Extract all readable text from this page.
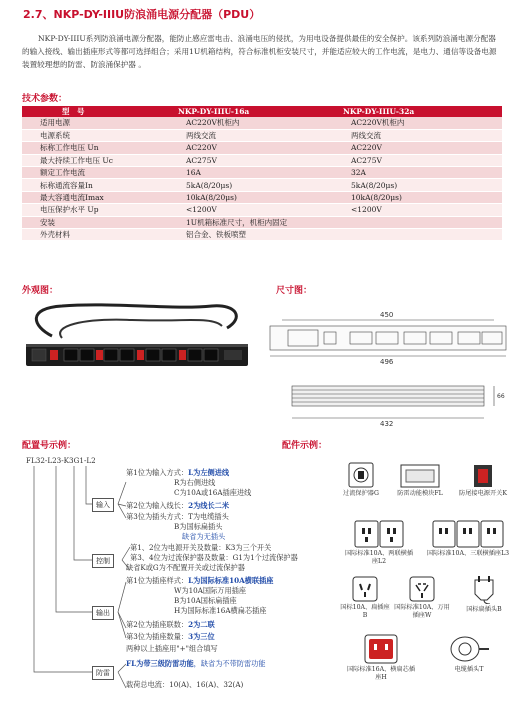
2.7、NKP-DY-IIIU防浪涌电源分配器（PDU）
NKP-DY-IIIU系列防浪涌电源分配器，能防止感应雷电击、浪涌电压的侵扰，为用电设备提供最佳的安全保护。该系列防浪涌电源分配器的输入接线、输出插座形式等都可选择组合；采用1U机箱结构，符合标准机柜安装尺寸，并能适应较大的工作电流，是电力、通信等设备电源装置较理想的防雷、防浪涌保护器 。
技术参数：
型　号	NKP-DY-IIIU-16a	NKP-DY-IIIU-32a
适用电源	AC220V机柜内	AC220V机柜内
电源系统	两线交流	两线交流
标称工作电压 Un	AC220V	AC220V
最大持续工作电压 Uc	AC275V	AC275V
额定工作电流	16A	32A
标称通流容量In	5kA(8/20μs)	5kA(8/20μs)
最大容通电流Imax	10kA(8/20μs)	10kA(8/20μs)
电压保护水平 Up	<1200V	<1200V
安装	1U机箱标准尺寸，机柜内固定	
外壳材料	铝合金、铁板喷塑	
外观图：	尺寸图：
450
496
432
66
配置号示例：	配件示例：
FL32-L23-K3G1-L2
输入
控制
输出
防雷
第1位为输入方式：L为左侧进线
R为右侧进线
C为10A或16A插座进线
第2位为输入线长：2为线长二米
第3位为插头方式：T为电缆插头
B为国标扁插头
缺省为无插头
第1、2位为电源开关及数量：K3为三个开关
第3、4位为过流保护器及数量：G1为1个过流保护器
缺省K或G为不配置开关或过流保护器
第1位为插座样式：L为国际标准10A横联插座
W为10A国际万用插座
B为10A国标扁插座
H为国际标准16A横扁芯插座
第2位为插座联数：2为二联
第3位为插座数量：3为三位
两种以上插座用"+"组合填写
FL为带三级防雷功能，缺省为不带防雷功能
载荷总电流：10(A)、16(A)、32(A)
过流保护器G	防雷动能模块FL	防尾接电源开关K
国际标准10A、两联横插座L2
国际标准10A、三联横插座L3
国标10A、扁插座B
国际标准10A、万用插座W
国标扁插头B
国际标准16A、横扁芯插座H
电缆插头T
